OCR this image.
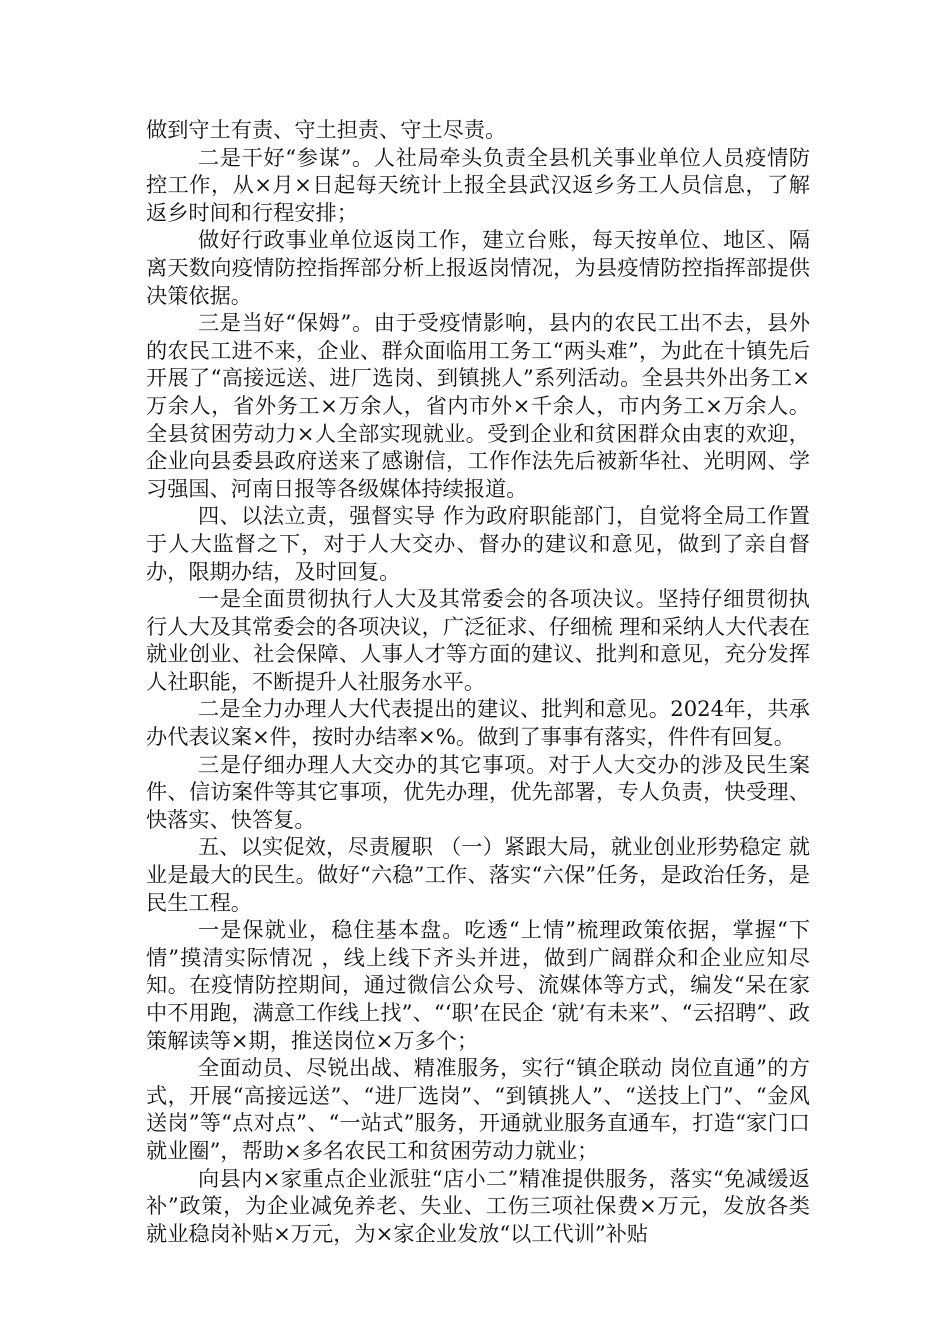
做到守土有责、守土担责、守土尽责。

二是干好“参谋”。人社局牵头负责全县机关事业单位人员疫情防控工作，从×月×日起每天统计上报全县武汉返乡务工人员信息，了解返乡时间和行程安排；

做好行政事业单位返岗工作，建立台账，每天按单位、地区、隔离天数向疫情防控指挥部分析上报返岗情况，为县疫情防控指挥部提供决策依据。

三是当好“保姆”。由于受疫情影响，县内的农民工出不去，县外的农民工进不来，企业、群众面临用工务工“两头难”，为此在十镇先后开展了“高接远送、进厂选岗、到镇挑人”系列活动。全县共外出务工×万余人，省外务工×万余人，省内市外×千余人，市内务工×万余人。全县贫困劳动力×人全部实现就业。受到企业和贫困群众由衷的欢迎，企业向县委县政府送来了感谢信，工作作法先后被新华社、光明网、学习强国、河南日报等各级媒体持续报道。

四、以法立责，强督实导 作为政府职能部门，自觉将全局工作置于人大监督之下，对于人大交办、督办的建议和意见，做到了亲自督办，限期办结，及时回复。

一是全面贯彻执行人大及其常委会的各项决议。坚持仔细贯彻执行人大及其常委会的各项决议，广泛征求、仔细梳 理和采纳人大代表在就业创业、社会保障、人事人才等方面的建议、批判和意见，充分发挥人社职能，不断提升人社服务水平。

二是全力办理人大代表提出的建议、批判和意见。2024年，共承办代表议案×件，按时办结率×%。做到了事事有落实，件件有回复。

三是仔细办理人大交办的其它事项。对于人大交办的涉及民生案件、信访案件等其它事项，优先办理，优先部署，专人负责，快受理、快落实、快答复。

五、以实促效，尽责履职 （一）紧跟大局，就业创业形势稳定 就业是最大的民生。做好“六稳”工作、落实“六保”任务，是政治任务，是民生工程。

一是保就业，稳住基本盘。吃透“上情”梳理政策依据，掌握“下情”摸清实际情况 ，线上线下齐头并进，做到广阔群众和企业应知尽知。在疫情防控期间，通过微信公众号、流媒体等方式，编发“呆在家中不用跑，满意工作线上找”、“‘职’在民企 ‘就’有未来”、“云招聘”、政策解读等×期，推送岗位×万多个；

全面动员、尽锐出战、精准服务，实行“镇企联动 岗位直通”的方式，开展“高接远送”、“进厂选岗”、“到镇挑人”、“送技上门”、“金风送岗”等“点对点”、“一站式”服务，开通就业服务直通车，打造“家门口就业圈”，帮助×多名农民工和贫困劳动力就业；

向县内×家重点企业派驻“店小二”精准提供服务，落实“免减缓返补”政策，为企业减免养老、失业、工伤三项社保费×万元，发放各类就业稳岗补贴×万元，为×家企业发放“以工代训”补贴
